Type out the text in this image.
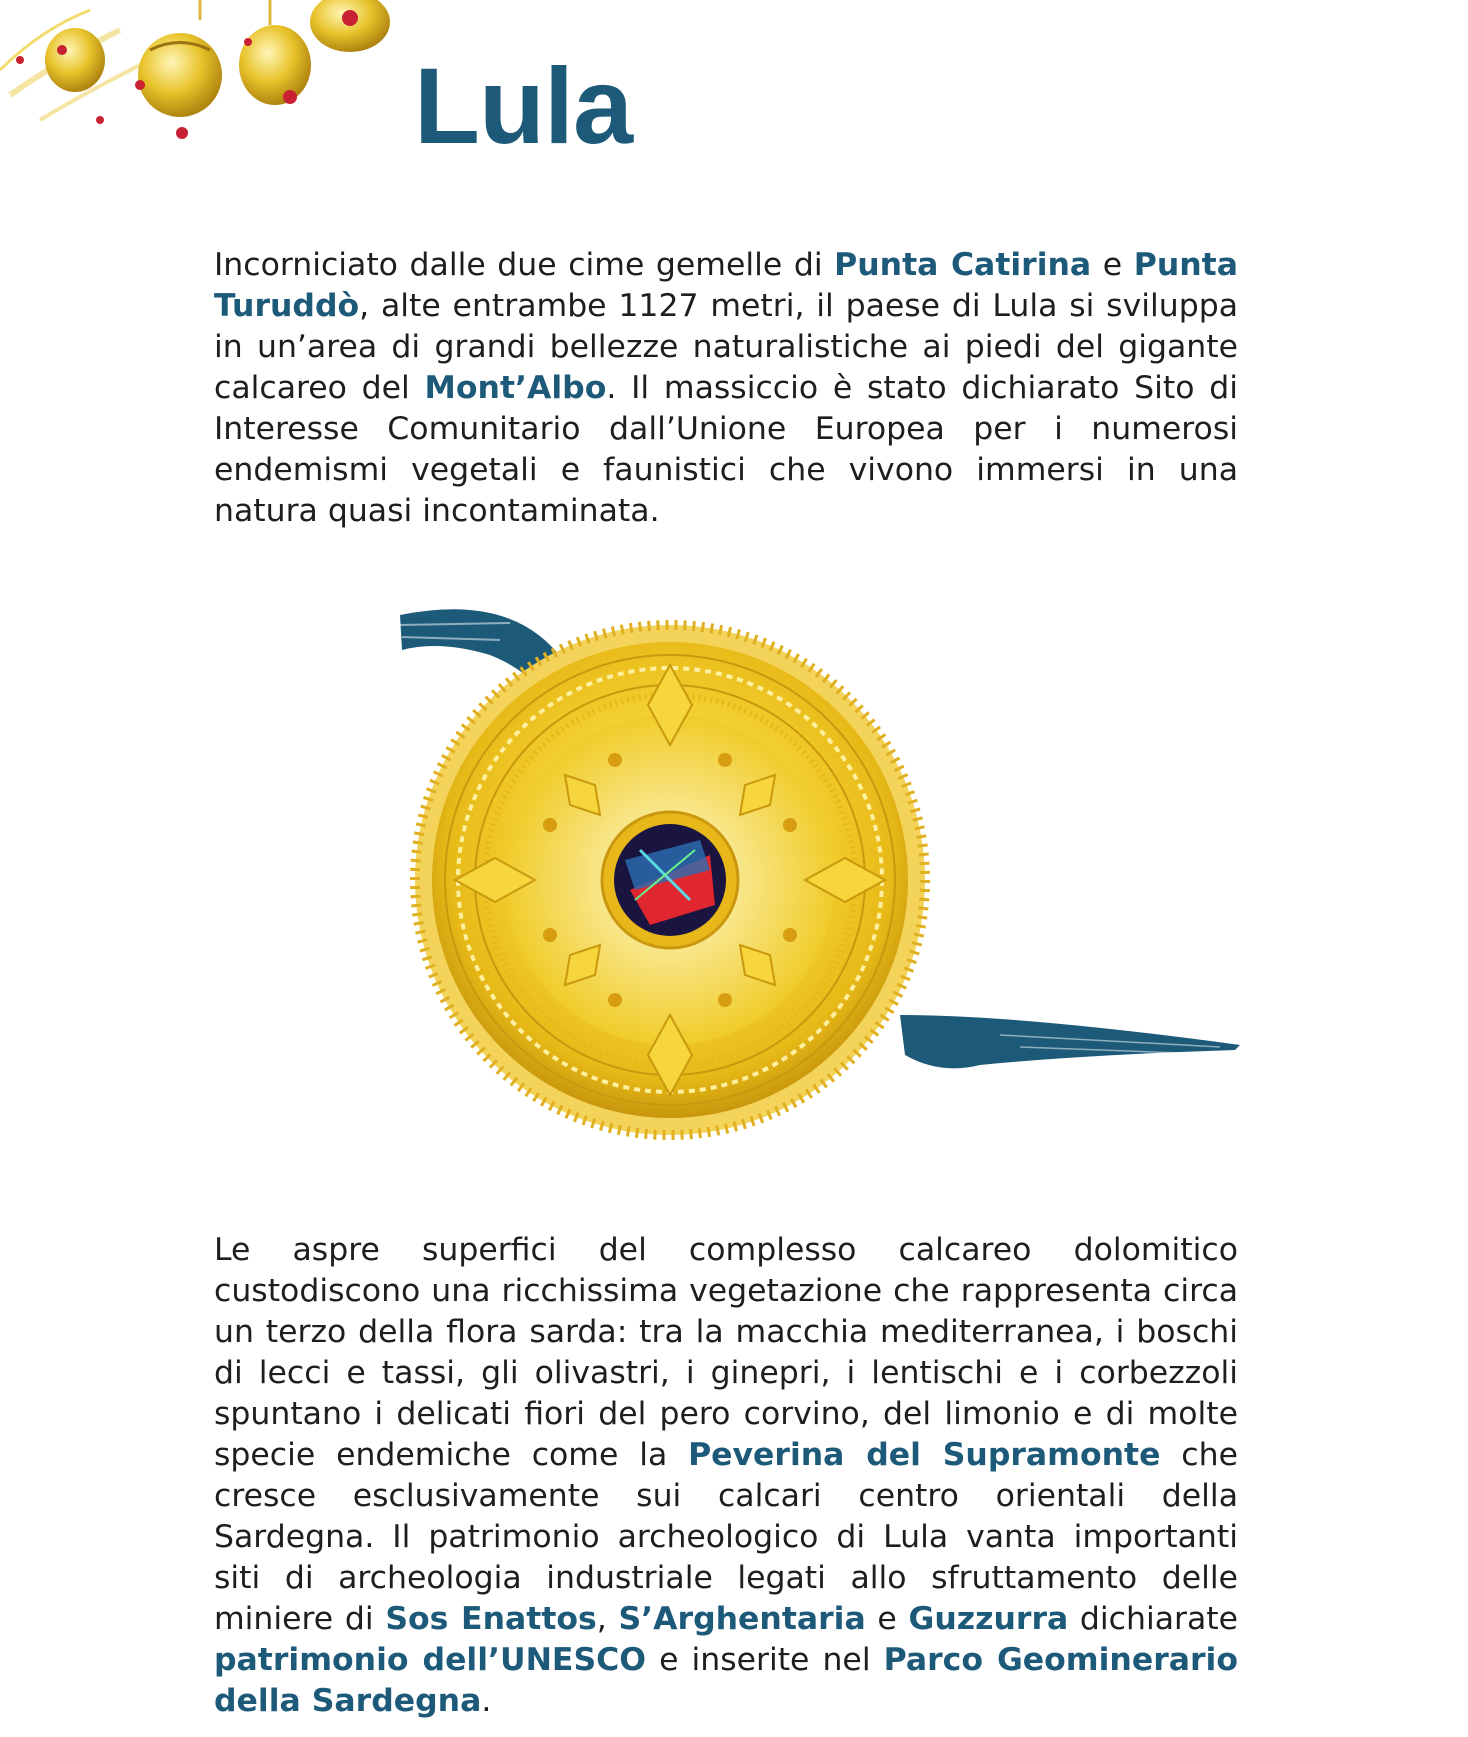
Lula

Incorniciato dalle due cime gemelle di Punta Catirina e Punta Turuddò, alte entrambe 1127 metri, il paese di Lula si sviluppa in un’area di grandi bellezze naturalistiche ai piedi del gigante calcareo del Mont’Albo. Il massiccio è stato dichiarato Sito di Interesse Comunitario dall’Unione Europea per i numerosi endemismi vegetali e faunistici che vivono immersi in una natura quasi incontaminata.

Le aspre superfici del complesso calcareo dolomitico custodiscono una ricchissima vegetazione che rappresenta circa un terzo della flora sarda: tra la macchia mediterranea, i boschi di lecci e tassi, gli olivastri, i ginepri, i lentischi e i corbezzoli spuntano i delicati fiori del pero corvino, del limonio e di molte specie endemiche come la Peverina del Supramonte che cresce esclusivamente sui calcari centro orientali della Sardegna. Il patrimonio archeologico di Lula vanta importanti siti di archeologia industriale legati allo sfruttamento delle miniere di Sos Enattos, S’Arghentaria e Guzzurra dichiarate patrimonio dell’UNESCO e inserite nel Parco Geominerario della Sardegna.
